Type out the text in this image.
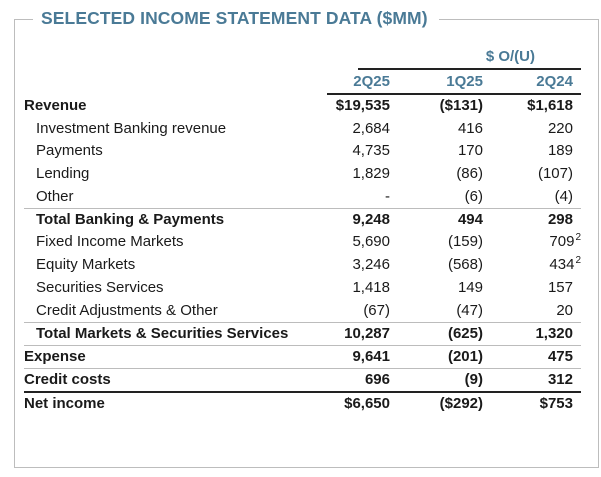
SELECTED INCOME STATEMENT DATA ($MM)
$ O/(U)
2Q25	1Q25	2Q24
Revenue	$19,535	($131)	$1,618
Investment Banking revenue	2,684	416	220
Payments	4,735	170	189
Lending	1,829	(86)	(107)
Other	-	(6)	(4)
Total Banking & Payments	9,248	494	298
Fixed Income Markets	5,690	(159)	$709^2$
Equity Markets	3,246	(568)	$434^2$
Securities Services	1,418	149	157
Credit Adjustments & Other	(67)	(47)	20
Total Markets & Securities Services	10,287	(625)	1,320
Expense	9,641	(201)	475
Credit costs	696	(9)	312
Net income	$6,650	($292)	$753
